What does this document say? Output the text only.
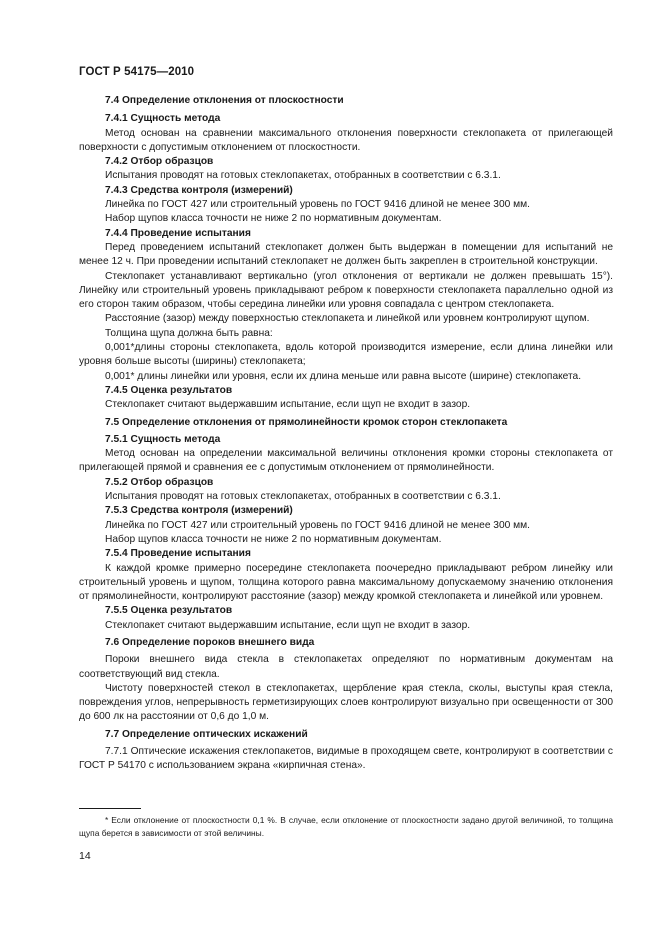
ГОСТ Р 54175—2010
7.4 Определение отклонения от плоскостности
7.4.1 Сущность метода

Метод основан на сравнении максимального отклонения поверхности стеклопакета от прилегающей поверхности с допустимым отклонением от плоскостности.

7.4.2 Отбор образцов

Испытания проводят на готовых стеклопакетах, отобранных в соответствии с 6.3.1.

7.4.3 Средства контроля (измерений)

Линейка по ГОСТ 427 или строительный уровень по ГОСТ 9416 длиной не менее 300 мм.

Набор щупов класса точности не ниже 2 по нормативным документам.

7.4.4 Проведение испытания

Перед проведением испытаний стеклопакет должен быть выдержан в помещении для испытаний не менее 12 ч. При проведении испытаний стеклопакет не должен быть закреплен в строительной конструкции.

Стеклопакет устанавливают вертикально (угол отклонения от вертикали не должен превышать 15°). Линейку или строительный уровень прикладывают ребром к поверхности стеклопакета параллельно одной из его сторон таким образом, чтобы середина линейки или уровня совпадала с центром стеклопакета.

Расстояние (зазор) между поверхностью стеклопакета и линейкой или уровнем контролируют щупом.

Толщина щупа должна быть равна:

0,001*длины стороны стеклопакета, вдоль которой производится измерение, если длина линейки или уровня больше высоты (ширины) стеклопакета;

0,001* длины линейки или уровня, если их длина меньше или равна высоте (ширине) стеклопакета.

7.4.5 Оценка результатов

Стеклопакет считают выдержавшим испытание, если щуп не входит в зазор.

7.5 Определение отклонения от прямолинейности кромок сторон стеклопакета
7.5.1 Сущность метода

Метод основан на определении максимальной величины отклонения кромки стороны стеклопакета от прилегающей прямой и сравнения ее с допустимым отклонением от прямолинейности.

7.5.2 Отбор образцов

Испытания проводят на готовых стеклопакетах, отобранных в соответствии с 6.3.1.

7.5.3 Средства контроля (измерений)

Линейка по ГОСТ 427 или строительный уровень по ГОСТ 9416 длиной не менее 300 мм.

Набор щупов класса точности не ниже 2 по нормативным документам.

7.5.4 Проведение испытания

К каждой кромке примерно посередине стеклопакета поочередно прикладывают ребром линейку или строительный уровень и щупом, толщина которого равна максимальному допускаемому значению отклонения от прямолинейности, контролируют расстояние (зазор) между кромкой стеклопакета и линейкой или уровнем.

7.5.5 Оценка результатов

Стеклопакет считают выдержавшим испытание, если щуп не входит в зазор.

7.6 Определение пороков внешнего вида

Пороки внешнего вида стекла в стеклопакетах определяют по нормативным документам на соответствующий вид стекла.

Чистоту поверхностей стекол в стеклопакетах, щербление края стекла, сколы, выступы края стекла, повреждения углов, непрерывность герметизирующих слоев контролируют визуально при освещенности от 300 до 600 лк на расстоянии от 0,6 до 1,0 м.

7.7 Определение оптических искажений

7.7.1 Оптические искажения стеклопакетов, видимые в проходящем свете, контролируют в соответствии с ГОСТ Р 54170 с использованием экрана «кирпичная стена».

* Если отклонение от плоскостности 0,1 %. В случае, если отклонение от плоскостности задано другой величиной, то толщина щупа берется в зависимости от этой величины.

14
